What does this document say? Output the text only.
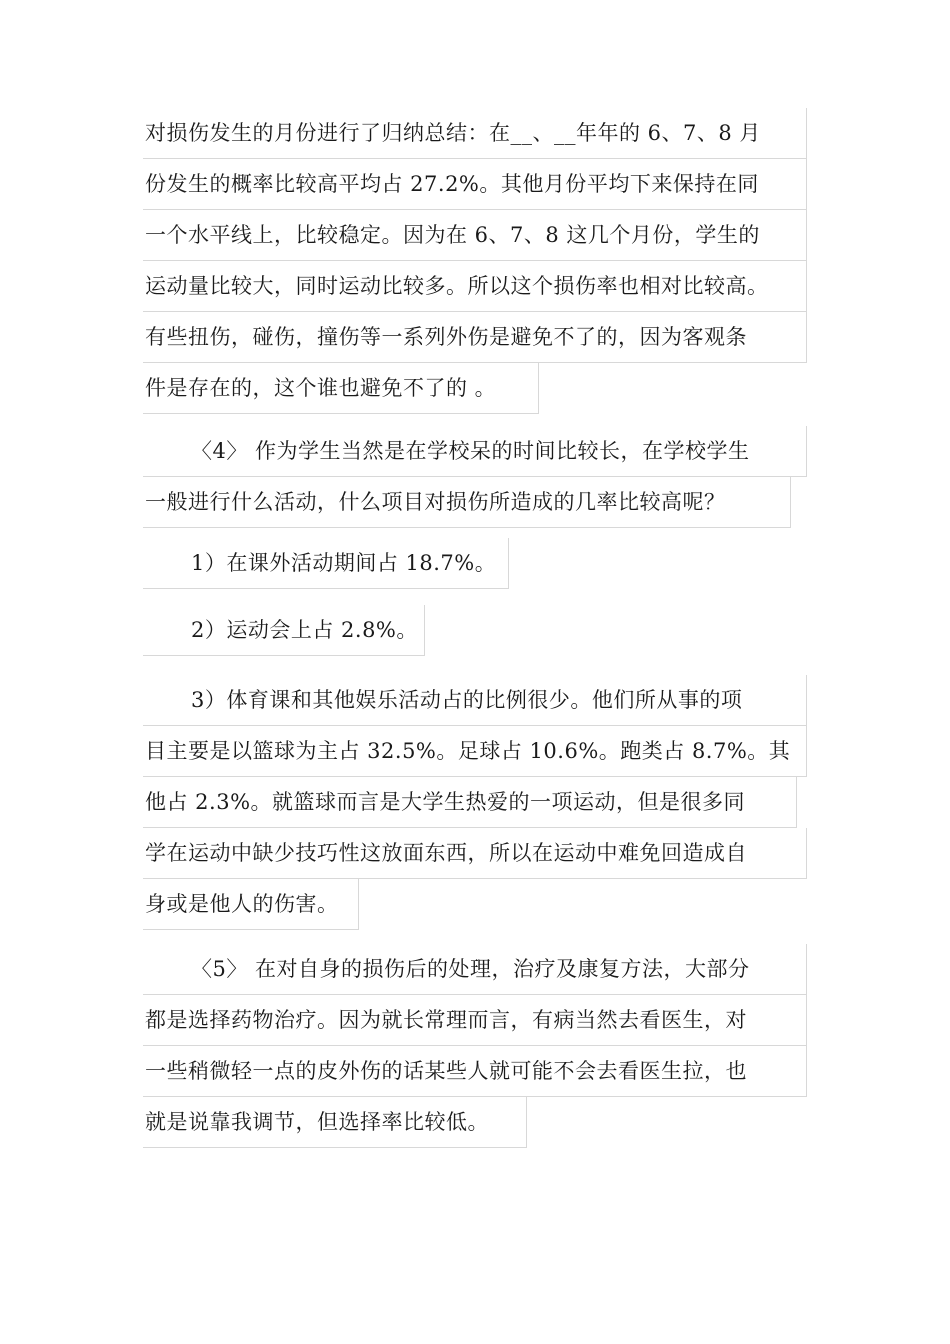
对损伤发生的月份进行了归纳总结：在__、__年年的 6、7、8 月
份发生的概率比较高平均占 27.2%。其他月份平均下来保持在同
一个水平线上，比较稳定。因为在 6、7、8 这几个月份，学生的
运动量比较大，同时运动比较多。所以这个损伤率也相对比较高。
有些扭伤，碰伤，撞伤等一系列外伤是避免不了的，因为客观条
件是存在的，这个谁也避免不了的 。
〈4〉 作为学生当然是在学校呆的时间比较长，在学校学生
一般进行什么活动，什么项目对损伤所造成的几率比较高呢？
1）在课外活动期间占 18.7%。
2）运动会上占 2.8%。
3）体育课和其他娱乐活动占的比例很少。他们所从事的项
目主要是以篮球为主占 32.5%。足球占 10.6%。跑类占 8.7%。其
他占 2.3%。就篮球而言是大学生热爱的一项运动，但是很多同
学在运动中缺少技巧性这放面东西，所以在运动中难免回造成自
身或是他人的伤害。
〈5〉 在对自身的损伤后的处理，治疗及康复方法，大部分
都是选择药物治疗。因为就长常理而言，有病当然去看医生，对
一些稍微轻一点的皮外伤的话某些人就可能不会去看医生拉，也
就是说靠我调节，但选择率比较低。
